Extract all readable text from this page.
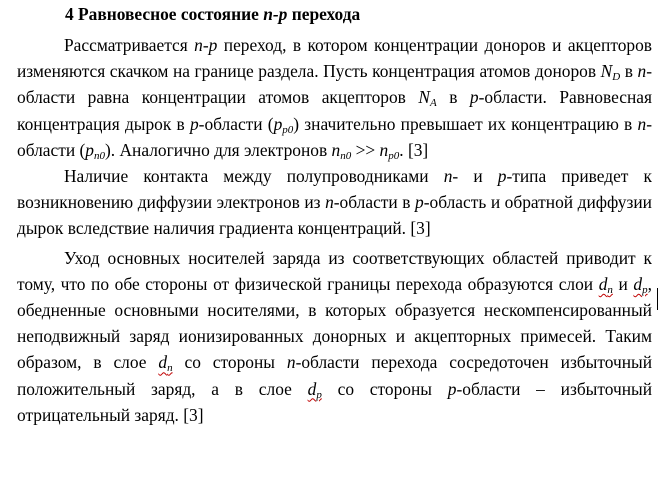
4 Равновесное состояние n-p перехода

Рассматривается n-p переход, в котором концентрации доноров и акцепторов изменяются скачком на границе раздела. Пусть концентрация атомов доноров $N_D$ в n-области равна концентрации атомов акцепторов $N_A$ в p-области. Равновесная концентрация дырок в p-области $(p_{p0})$ значительно превышает их концентрацию в n-области $(p_{n0})$. Аналогично для электронов $n_{n0} >> n_{p0}$. [3]

Наличие контакта между полупроводниками n- и p-типа приведет к возникновению диффузии электронов из n-области в p-область и обратной диффузии дырок вследствие наличия градиента концентраций. [3]

Уход основных носителей заряда из соответствующих областей приводит к тому, что по обе стороны от физической границы перехода образуются слои $d_n$ и $d_p$, обедненные основными носителями, в которых образуется нескомпенсированный неподвижный заряд ионизированных донорных и акцепторных примесей. Таким образом, в слое $d_n$ со стороны n-области перехода сосредоточен избыточный положительный заряд, а в слое $d_p$ со стороны p-области – избыточный отрицательный заряд. [3]
